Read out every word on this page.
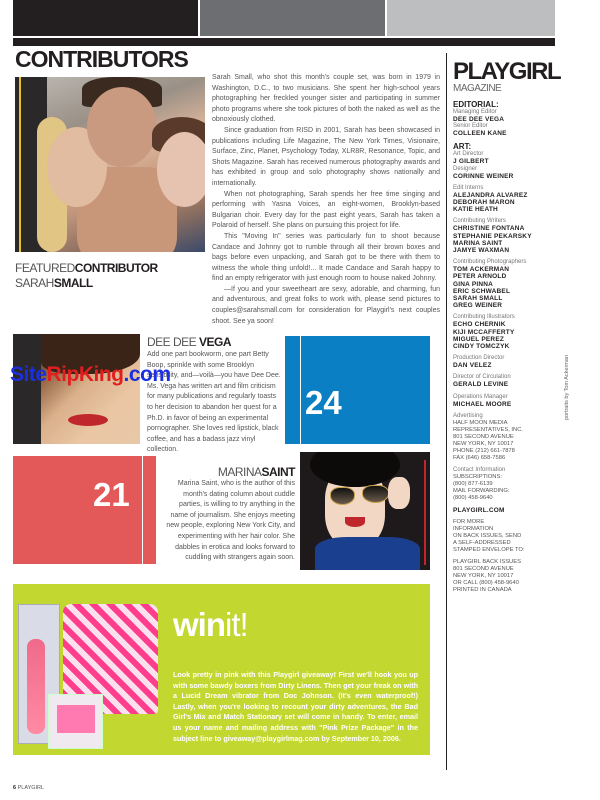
CONTRIBUTORS
FEATUREDCONTRIBUTOR
SARAHSMALL

Sarah Small, who shot this month's couple set, was born in 1979 in Washington, D.C., to two musicians. She spent her high-school years photographing her freckled younger sister and participating in summer photo programs where she took pictures of both the naked as well as the obnoxiously clothed.

Since graduation from RISD in 2001, Sarah has been showcased in publications including Life Magazine, The New York Times, Visionaire, Surface, Zinc, Planet, Psychology Today, XLR8R, Resonance, Topic, and Shots Magazine. Sarah has received numerous photography awards and has exhibited in group and solo photography shows nationally and internationally.

When not photographing, Sarah spends her free time singing and performing with Yasna Voices, an eight-women, Brooklyn-based Bulgarian choir. Every day for the past eight years, Sarah has taken a Polaroid of herself. She plans on pursuing this project for life.

This "Moving In" series was particularly fun to shoot because Candace and Johnny got to rumble through all their brown boxes and bags before even unpacking, and Sarah got to be there with them to witness the whole thing unfold!... It made Candace and Sarah happy to find an empty refrigerator with just enough room to house naked Johnny.

—If you and your sweetheart are sexy, adorable, and charming, fun and adventurous, and great folks to work with, please send pictures to couples@sarahsmall.com for consideration for Playgirl's next couples shoot. See ya soon!

DEE DEE VEGA
Add one part bookworm, one part Betty Boop, sprinkle with some Brooklyn sensibility, and—voilà—you have Dee Dee. Ms. Vega has written art and film criticism for many publications and regularly toasts to her decision to abandon her quest for a Ph.D. in favor of being an experimental pornographer. She loves red lipstick, black coffee, and has a badass jazz vinyl collection.
24
SiteRipKing.com
21
MARINASAINT
Marina Saint, who is the author of this month's dating column about cuddle parties, is willing to try anything in the name of journalism. She enjoys meeting new people, exploring New York City, and experimenting with her hair color. She dabbles in erotica and looks forward to cuddling with strangers again soon.
winit!
Look pretty in pink with this Playgirl giveaway! First we'll hook you up with some bawdy boxers from Dirty Linens. Then get your freak on with a Lucid Dream vibrator from Doc Johnson. (It's even waterproof!) Lastly, when you're looking to recount your dirty adventures, the Bad Girl's Mix and Match Stationary set will come in handy. To enter, email us your name and mailing address with "Pink Prize Package" in the subject line to giveaway@playgirlmag.com by September 10, 2006.
6 PLAYGIRL
PLAYGIRL
MAGAZINE
EDITORIAL:
Managing Editor
DEE DEE VEGA
Senior Editor
COLLEEN KANE
ART:
Art Director
J GILBERT
Designer
CORINNE WEINER
Edit Interns
ALEJANDRA ALVAREZ
DEBORAH MARON
KATIE HEATH
Contributing Writers
CHRISTINE FONTANA
STEPHANIE PEKARSKY
MARINA SAINT
JAMYE WAXMAN
Contributing Photographers
TOM ACKERMAN
PETER ARNOLD
GINA PINNA
ERIC SCHWABEL
SARAH SMALL
GREG WEINER
Contributing Illustrators
ECHO CHERNIK
KIJI MCCAFFERTY
MIGUEL PEREZ
CINDY TOMCZYK
Production Director
DAN VELEZ
Director of Circulation
GERALD LEVINE
Operations Manager
MICHAEL MOORE
Advertising
HALF MOON MEDIA
REPRESENTATIVES, INC.
801 SECOND AVENUE
NEW YORK, NY 10017
PHONE (212) 661-7878
FAX (646) 658-7586
Contact Information
SUBSCRIPTIONS:
(800) 877-6139
MAIL FORWARDING:
(800) 458-9640
PLAYGIRL.COM
FOR MORE
INFORMATION
ON BACK ISSUES, SEND
A SELF-ADDRESSED
STAMPED ENVELOPE TO:
PLAYGIRL BACK ISSUES
801 SECOND AVENUE
NEW YORK, NY 10017
OR CALL (800) 458-9640
PRINTED IN CANADA
portraits by Tom Ackerman
